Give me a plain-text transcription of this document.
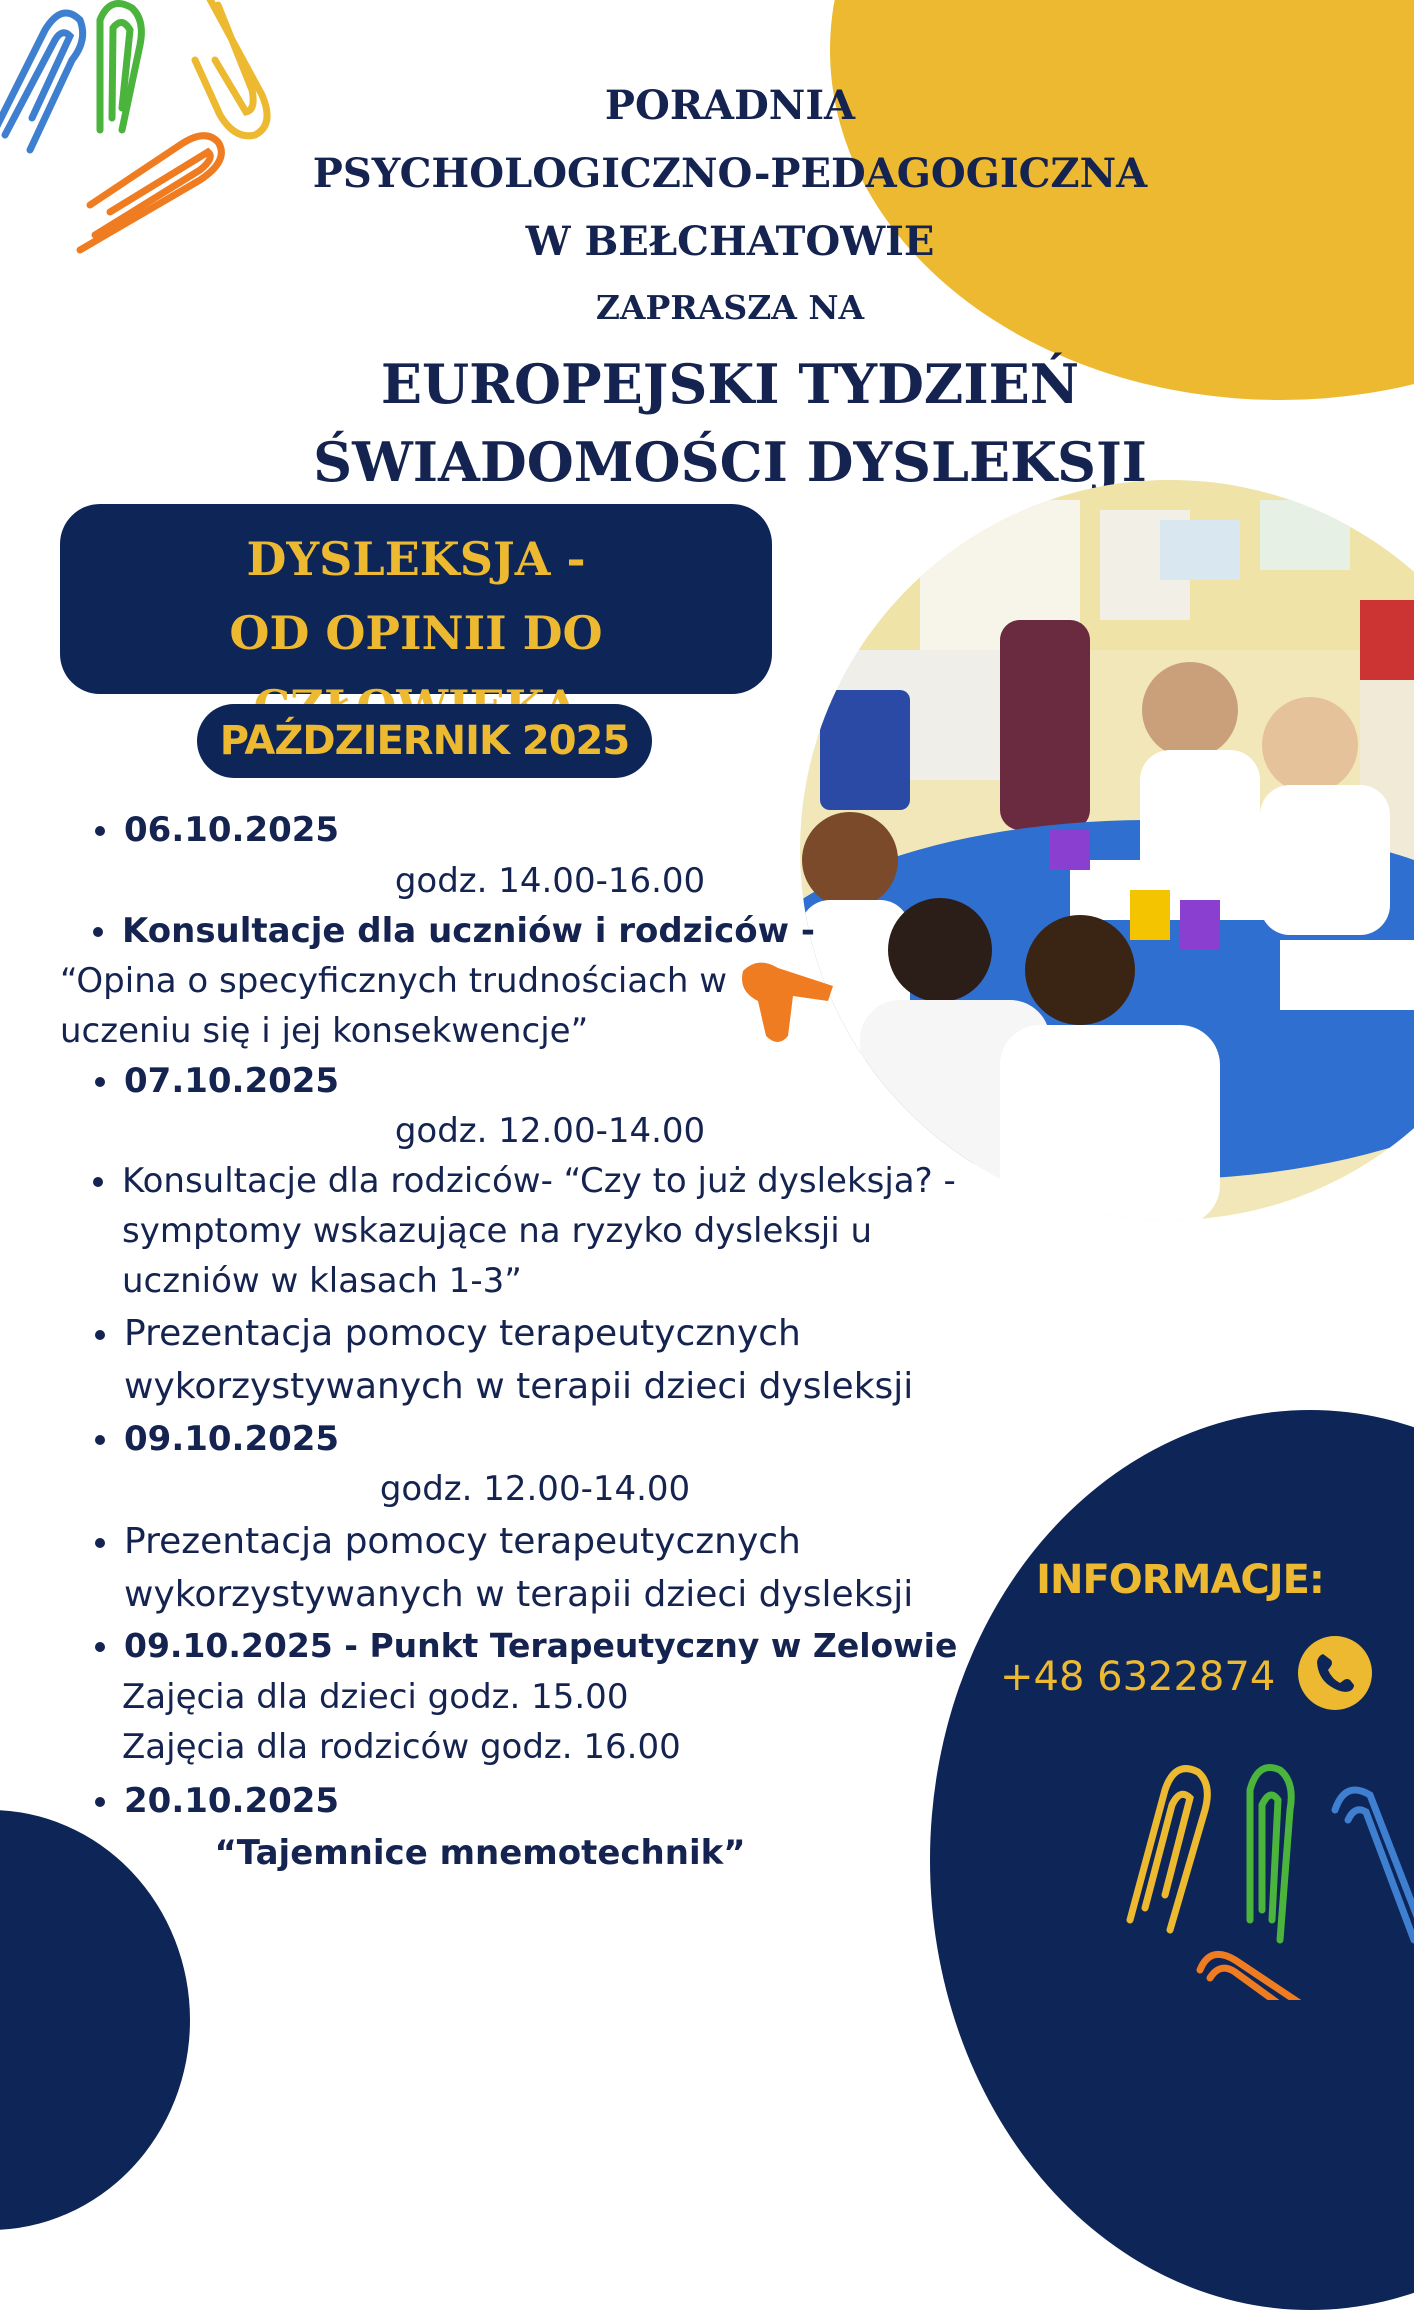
PORADNIA
PSYCHOLOGICZNO-PEDAGOGICZNA
W BEŁCHATOWIE
ZAPRASZA NA
EUROPEJSKI TYDZIEŃ
ŚWIADOMOŚCI DYSLEKSJI
DYSLEKSJA -
OD OPINII DO
PAŹDZIERNIK 2025
06.10.2025
godz. 14.00-16.00
Konsultacje dla uczniów i rodziców -
“Opina o specyficznych trudnościach w
uczeniu się i jej konsekwencje”
07.10.2025
godz. 12.00-14.00
Konsultacje dla rodziców- “Czy to już dysleksja? -
symptomy wskazujące na ryzyko dysleksji u
uczniów w klasach 1-3”
Prezentacja pomocy terapeutycznych
wykorzystywanych w terapii dzieci dysleksji
09.10.2025
godz. 12.00-14.00
Prezentacja pomocy terapeutycznych
wykorzystywanych w terapii dzieci dysleksji
09.10.2025 - Punkt Terapeutyczny w Zelowie
Zajęcia dla dzieci godz. 15.00
Zajęcia dla rodziców godz. 16.00
20.10.2025
“Tajemnice mnemotechnik”
INFORMACJE:
+48 6322874
